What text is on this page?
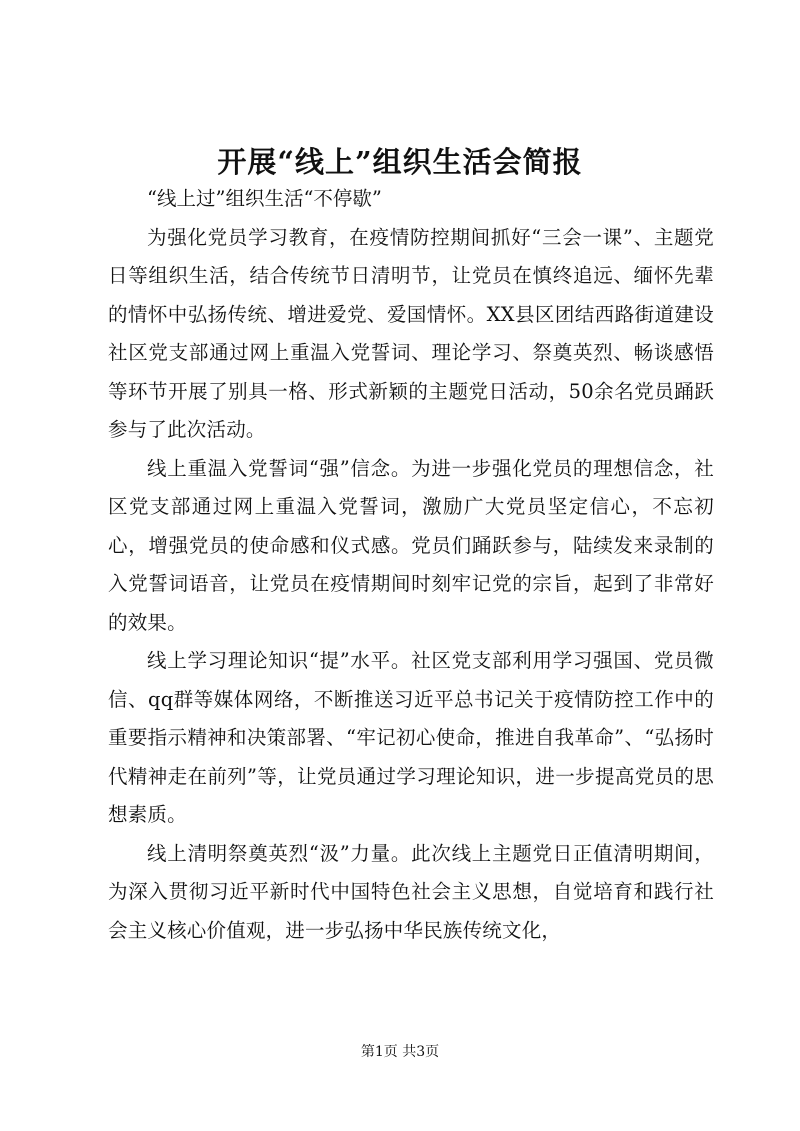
开展“线上”组织生活会简报

“线上过”组织生活“不停歇”

为强化党员学习教育，在疫情防控期间抓好“三会一课”、主题党日等组织生活，结合传统节日清明节，让党员在慎终追远、缅怀先辈的情怀中弘扬传统、增进爱党、爱国情怀。XX县区团结西路街道建设社区党支部通过网上重温入党誓词、理论学习、祭奠英烈、畅谈感悟等环节开展了别具一格、形式新颖的主题党日活动，50余名党员踊跃参与了此次活动。

线上重温入党誓词“强”信念。为进一步强化党员的理想信念，社区党支部通过网上重温入党誓词，激励广大党员坚定信心，不忘初心，增强党员的使命感和仪式感。党员们踊跃参与，陆续发来录制的入党誓词语音，让党员在疫情期间时刻牢记党的宗旨，起到了非常好的效果。

线上学习理论知识“提”水平。社区党支部利用学习强国、党员微信、qq群等媒体网络，不断推送习近平总书记关于疫情防控工作中的重要指示精神和决策部署、“牢记初心使命，推进自我革命”、“弘扬时代精神走在前列”等，让党员通过学习理论知识，进一步提高党员的思想素质。

线上清明祭奠英烈“汲”力量。此次线上主题党日正值清明期间，为深入贯彻习近平新时代中国特色社会主义思想，自觉培育和践行社会主义核心价值观，进一步弘扬中华民族传统文化，

第1页 共3页
